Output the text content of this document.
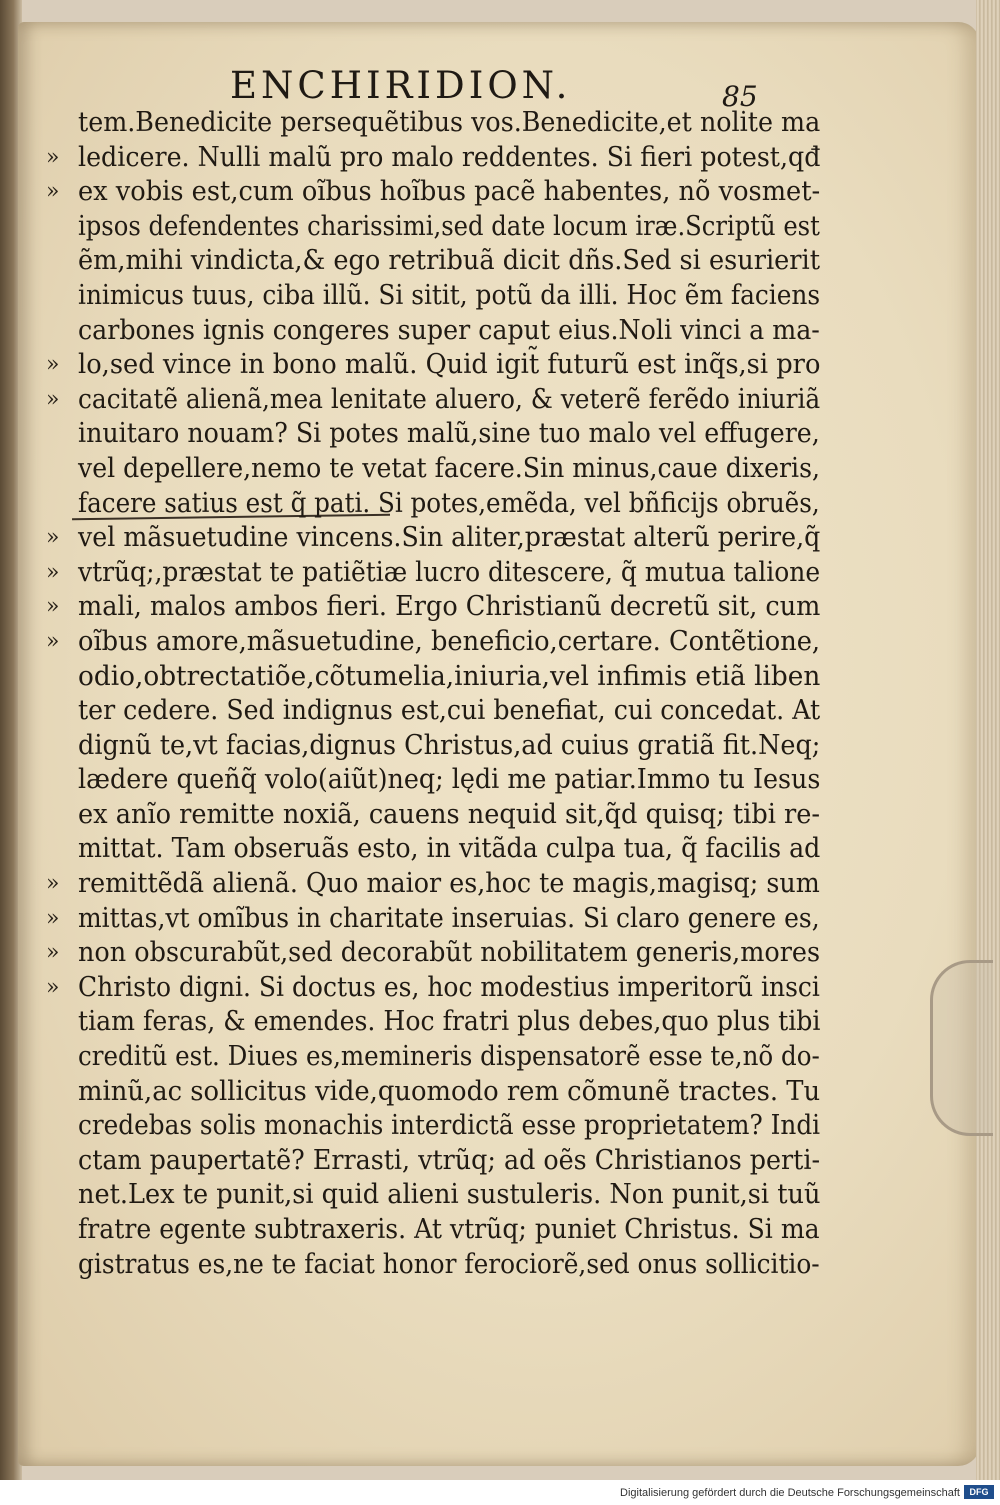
ENCHIRIDION.	85
»
»
»
»
»
»
»
»
»
»
»
»
tem.Benedicite persequẽtibus vos.Benedicite,et nolite ma
ledicere. Nulli malũ pro malo reddentes. Si fieri potest,qđ
ex vobis est,cum oĩbus hoĩbus pacẽ habentes, nõ vosmet-
ipsos defendentes charissimi,sed date locum iræ.Scriptũ est
ẽm,mihi vindicta,& ego retribuã dicit dñs.Sed si esurierit
inimicus tuus, ciba illũ. Si sitit, potũ da illi. Hoc ẽm faciens
carbones ignis congeres super caput eius.Noli vinci a ma-
lo,sed vince in bono malũ. Quid igit̃ futurũ est inq̃s,si pro
cacitatẽ alienã,mea lenitate aluero, & veterẽ ferẽdo iniuriã
inuitaro nouam? Si potes malũ,sine tuo malo vel effugere,
vel depellere,nemo te vetat facere.Sin minus,caue dixeris,
facere satius est q̃ pati. Si potes,emẽda, vel bñficijs obruẽs,
vel mãsuetudine vincens.Sin aliter,præstat alterũ perire,q̃
vtrũq;,præstat te patiẽtiæ lucro ditescere, q̃ mutua talione
mali, malos ambos fieri. Ergo Christianũ decretũ sit, cum
oĩbus amore,mãsuetudine, beneficio,certare. Contẽtione,
odio,obtrectatiõe,cõtumelia,iniuria,vel infimis etiã liben
ter cedere. Sed indignus est,cui benefiat, cui concedat. At
dignũ te,vt facias,dignus Christus,ad cuius gratiã fit.Neq;
lædere queñq̃ volo(aiũt)neq; lędi me patiar.Immo tu Iesus
ex anĩo remitte noxiã, cauens nequid sit,q̃d quisq; tibi re-
mittat. Tam obseruãs esto, in vitãda culpa tua, q̃ facilis ad
remittẽdã alienã. Quo maior es,hoc te magis,magisq; sum
mittas,vt omĩbus in charitate inseruias. Si claro genere es,
non obscurabũt,sed decorabũt nobilitatem generis,mores
Christo digni. Si doctus es, hoc modestius imperitorũ insci
tiam feras, & emendes. Hoc fratri plus debes,quo plus tibi
creditũ est. Diues es,memineris dispensatorẽ esse te,nõ do-
minũ,ac sollicitus vide,quomodo rem cõmunẽ tractes. Tu
credebas solis monachis interdictã esse proprietatem? Indi
ctam paupertatẽ? Errasti, vtrũq; ad oẽs Christianos perti-
net.Lex te punit,si quid alieni sustuleris. Non punit,si tuũ
fratre egente subtraxeris. At vtrũq; puniet Christus. Si ma
gistratus es,ne te faciat honor ferociorẽ,sed onus sollicitio-
Digitalisierung gefördert durch die Deutsche Forschungsgemeinschaft	DFG
